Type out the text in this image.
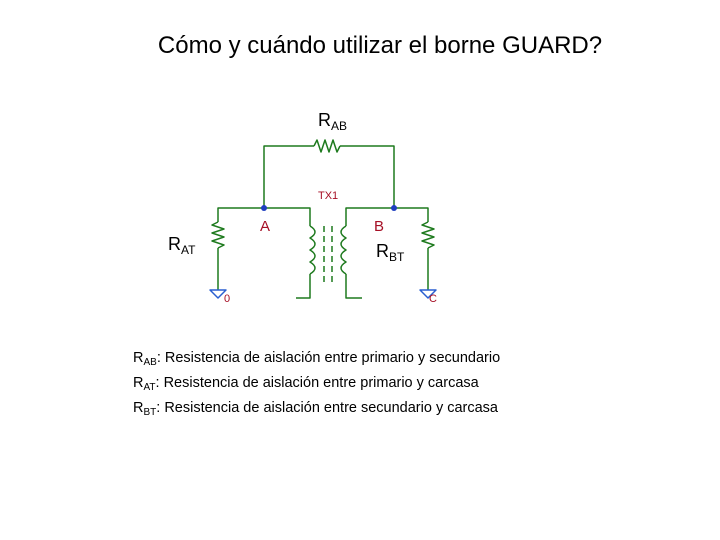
Cómo y cuándo utilizar el borne GUARD?
$R_{AB}$
$R_{AT}$	$R_{BT}$
A	B
TX1
0	C
$R_{AB}$: Resistencia de aislación entre primario y secundario
$R_{AT}$: Resistencia de aislación entre primario y carcasa
$R_{BT}$: Resistencia de aislación entre secundario y carcasa
